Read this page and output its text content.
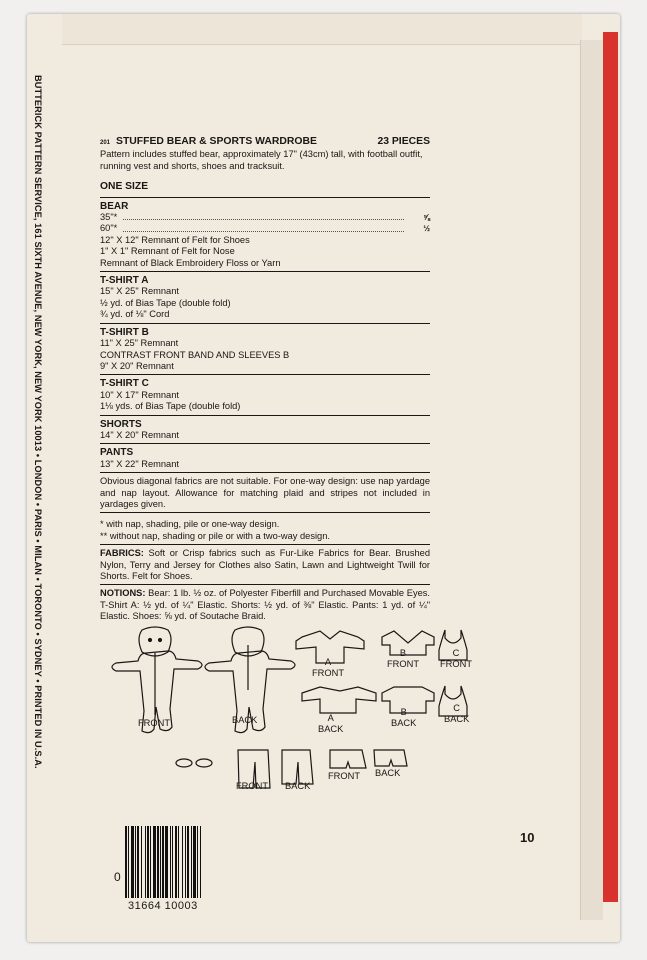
BUTTERICK PATTERN SERVICE, 161 SIXTH AVENUE, NEW YORK, NEW YORK 10013 • LONDON • PARIS • MILAN • TORONTO • SYDNEY • PRINTED IN U.S.A.	201 STUFFED BEAR & SPORTS WARDROBE	23 PIECES
Pattern includes stuffed bear, approximately 17" (43cm) tall, with football outfit, running vest and shorts, shoes and tracksuit.
ONE SIZE
BEAR
35"*	⅝
60"*	½
12" X 12" Remnant of Felt for Shoes
1" X 1" Remnant of Felt for Nose
Remnant of Black Embroidery Floss or Yarn
T-SHIRT A
15" X 25" Remnant
½ yd. of Bias Tape (double fold)
¾ yd. of ⅛" Cord
T-SHIRT B
11" X 25" Remnant
CONTRAST FRONT BAND AND SLEEVES B
9" X 20" Remnant
T-SHIRT C
10" X 17" Remnant
1⅛ yds. of Bias Tape (double fold)
SHORTS
14" X 20" Remnant
PANTS
13" X 22" Remnant
Obvious diagonal fabrics are not suitable. For one-way design: use nap yardage and nap layout. Allowance for matching plaid and stripes not included in yardages given.
* with nap, shading, pile or one-way design.
** without nap, shading or pile or with a two-way design.
FABRICS: Soft or Crisp fabrics such as Fur-Like Fabrics for Bear. Brushed Nylon, Terry and Jersey for Clothes also Satin, Lawn and Lightweight Twill for Shorts. Felt for Shoes.
NOTIONS: Bear: 1 lb. ½ oz. of Polyester Fiberfill and Purchased Movable Eyes. T-Shirt A: ½ yd. of ¼" Elastic. Shorts: ½ yd. of ⅜" Elastic. Pants: 1 yd. of ¼" Elastic. Shoes: ⅝ yd. of Soutache Braid.
FRONT	BACK
A
FRONT
A
BACK
B
FRONT
B
BACK
C
FRONT
C
BACK
FRONT BACK
FRONT BACK
0
31664 10003
10
